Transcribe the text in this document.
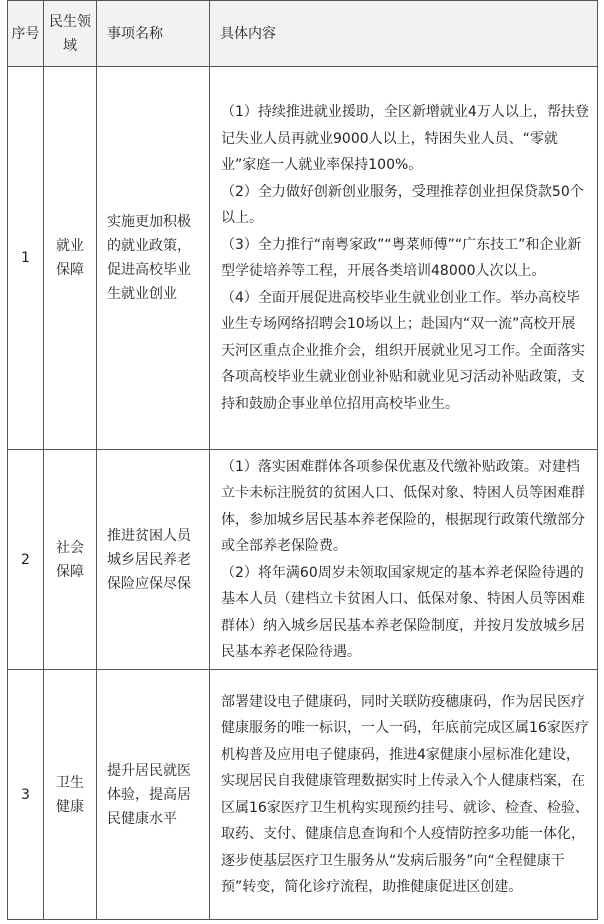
序号	民生领域	事项名称	具体内容
1	就业保障	实施更加积极的就业政策，促进高校毕业生就业创业	（1）持续推进就业援助，全区新增就业4万人以上，帮扶登记失业人员再就业9000人以上，特困失业人员、“零就业”家庭一人就业率保持100%。
（2）全力做好创新创业服务，受理推荐创业担保贷款50个以上。
（3）全力推行“南粤家政”“粤菜师傅”“广东技工”和企业新型学徒培养等工程，开展各类培训48000人次以上。
（4）全面开展促进高校毕业生就业创业工作。举办高校毕业生专场网络招聘会10场以上；赴国内“双一流”高校开展天河区重点企业推介会，组织开展就业见习工作。全面落实各项高校毕业生就业创业补贴和就业见习活动补贴政策，支持和鼓励企事业单位招用高校毕业生。

2	社会保障	推进贫困人员城乡居民养老保险应保尽保	（1）落实困难群体各项参保优惠及代缴补贴政策。对建档立卡未标注脱贫的贫困人口、低保对象、特困人员等困难群体，参加城乡居民基本养老保险的，根据现行政策代缴部分或全部养老保险费。
（2）将年满60周岁未领取国家规定的基本养老保险待遇的基本人员（建档立卡贫困人口、低保对象、特困人员等困难群体）纳入城乡居民基本养老保险制度，并按月发放城乡居民基本养老保险待遇。

3	卫生健康	提升居民就医体验，提高居民健康水平	部署建设电子健康码，同时关联防疫穗康码，作为居民医疗健康服务的唯一标识，一人一码，年底前完成区属16家医疗机构普及应用电子健康码，推进4家健康小屋标准化建设，实现居民自我健康管理数据实时上传录入个人健康档案，在区属16家医疗卫生机构实现预约挂号、就诊、检查、检验、取药、支付、健康信息查询和个人疫情防控多功能一体化，逐步使基层医疗卫生服务从“发病后服务”向“全程健康干预”转变，简化诊疗流程，助推健康促进区创建。
